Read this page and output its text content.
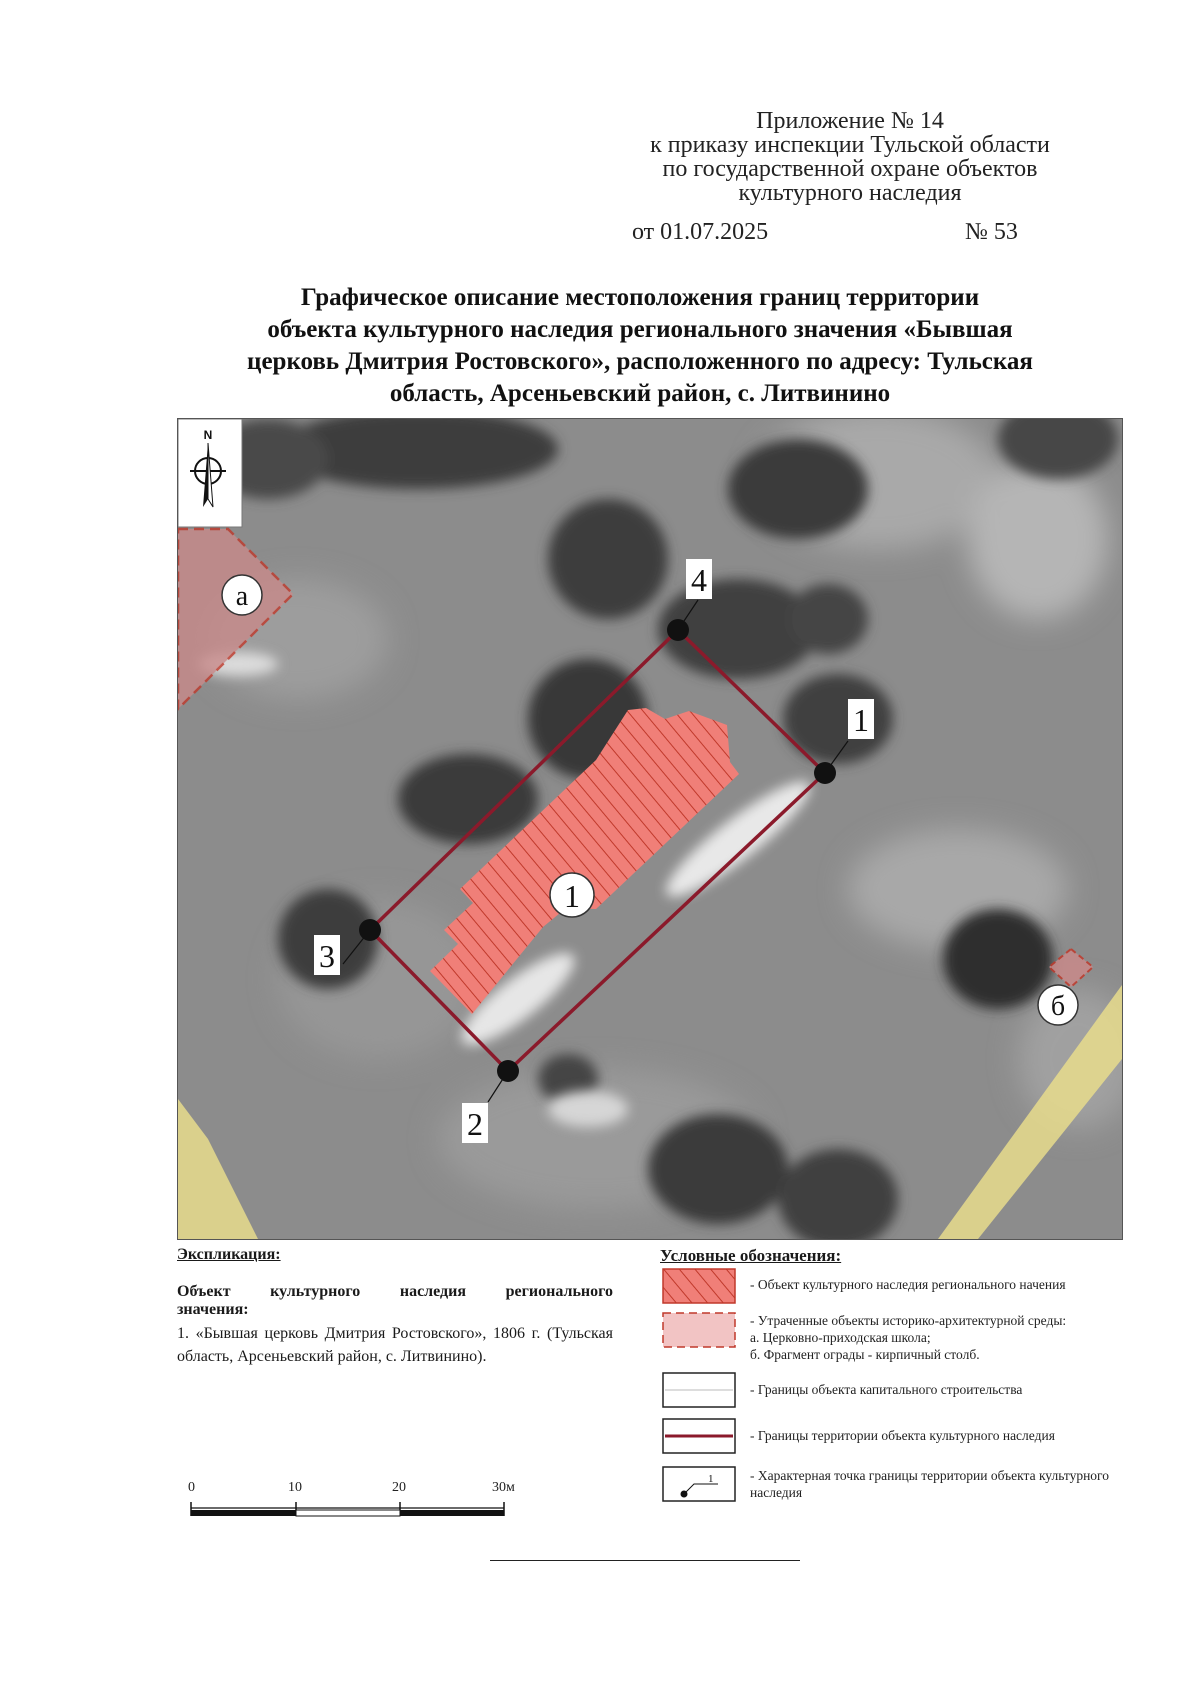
Приложение № 14
к приказу инспекции Тульской области
по государственной охране объектов
культурного наследия
от 01.07.2025	№ 53
Графическое описание местоположения границ территории
объекта культурного наследия регионального значения «Бывшая
церковь Дмитрия Ростовского», расположенного по адресу: Тульская
область, Арсеньевский район, с. Литвинино
1
2
3
4
1
а
б
N
Экспликация:
Объект культурного наследия регионального
значения:
1. «Бывшая церковь Дмитрия Ростовского», 1806 г. (Тульская область, Арсеньевский район, с. Литвинино).
Условные обозначения:
- Объект культурного наследия регионального начения
- Утраченные объекты историко-архитектурной среды:
а. Церковно-приходская школа;
б. Фрагмент ограды - кирпичный столб.
- Границы объекта капитального строительства
- Границы территории объекта культурного наследия
1	- Характерная точка границы территории объекта культурного наследия
0	10	20	30м
